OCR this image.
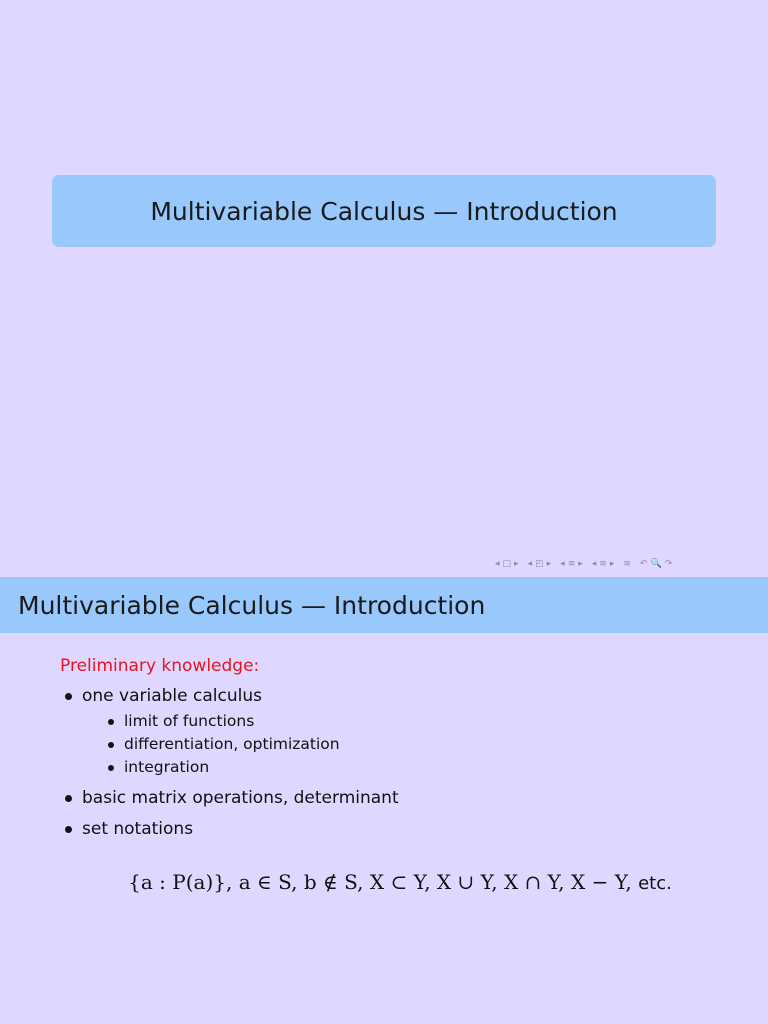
Multivariable Calculus — Introduction
◂ □ ▸ ◂ ◰ ▸ ◂ ≡ ▸ ◂ ≡ ▸ ≡ ↶ 🔍 ↷
Multivariable Calculus — Introduction
Preliminary knowledge:
one variable calculus
limit of functions
differentiation, optimization
integration
basic matrix operations, determinant
set notations
{a : P(a)}, a ∈ S, b ∉ S, X ⊂ Y, X ∪ Y, X ∩ Y, X − Y, etc.
